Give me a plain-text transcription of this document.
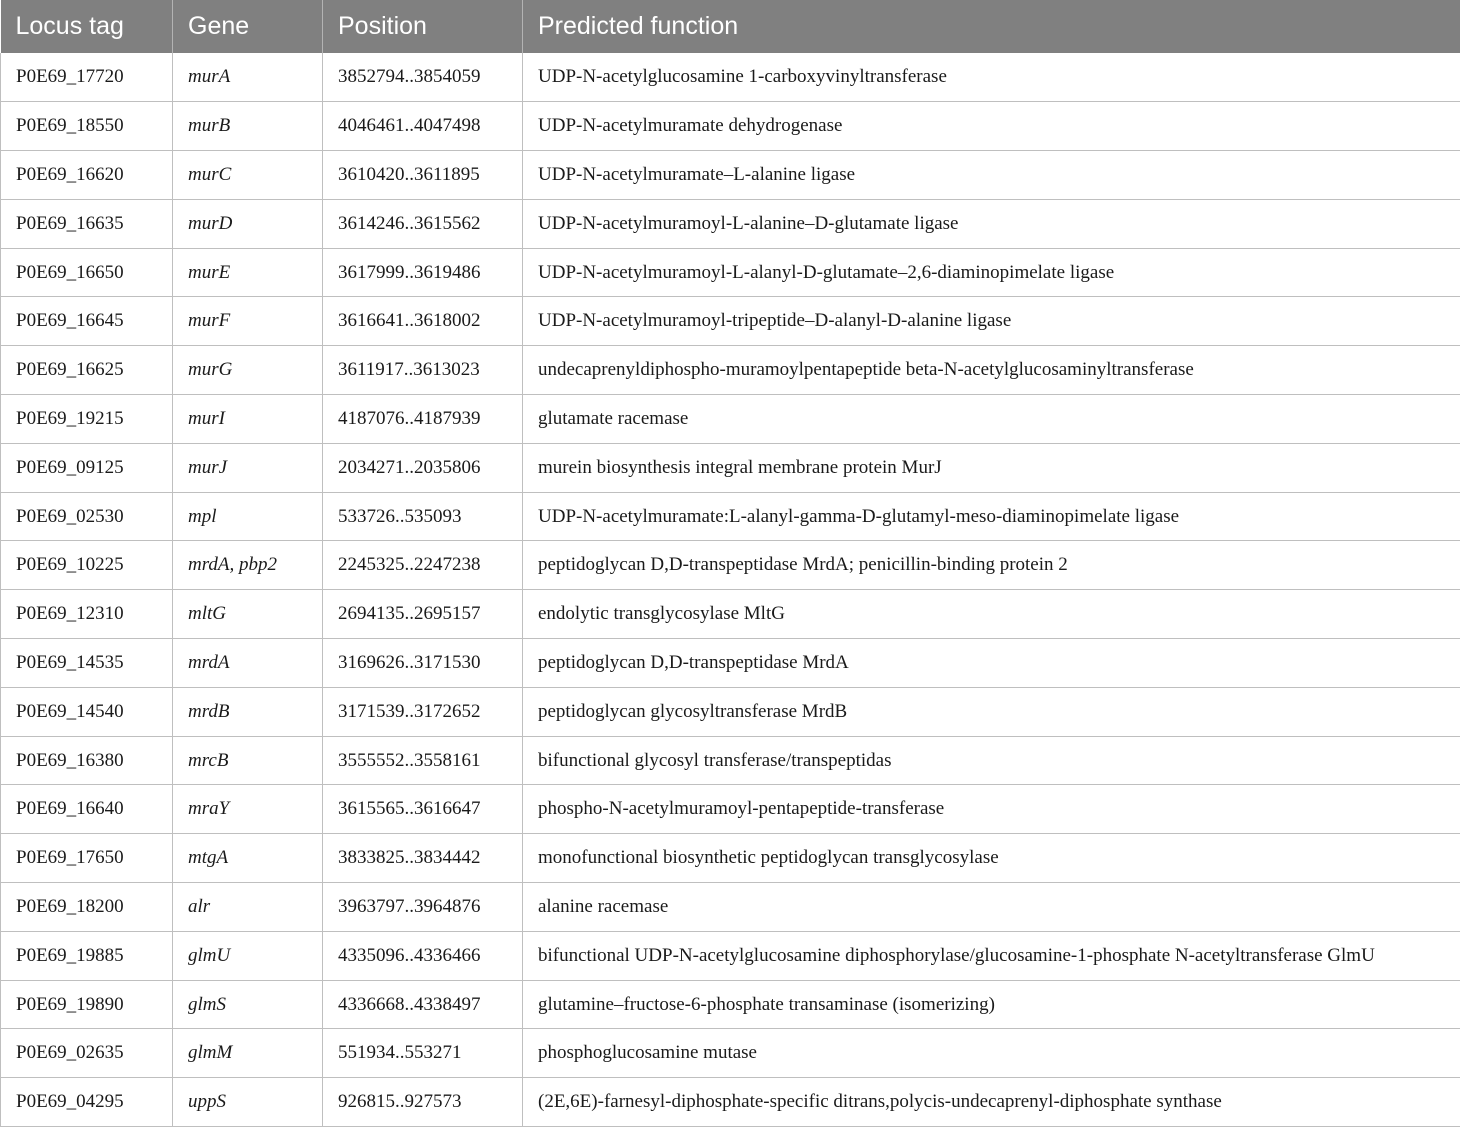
Locus tag	Gene	Position	Predicted function
P0E69_17720	murA	3852794..3854059	UDP-N-acetylglucosamine 1-carboxyvinyltransferase
P0E69_18550	murB	4046461..4047498	UDP-N-acetylmuramate dehydrogenase
P0E69_16620	murC	3610420..3611895	UDP-N-acetylmuramate–L-alanine ligase
P0E69_16635	murD	3614246..3615562	UDP-N-acetylmuramoyl-L-alanine–D-glutamate ligase
P0E69_16650	murE	3617999..3619486	UDP-N-acetylmuramoyl-L-alanyl-D-glutamate–2,6-diaminopimelate ligase
P0E69_16645	murF	3616641..3618002	UDP-N-acetylmuramoyl-tripeptide–D-alanyl-D-alanine ligase
P0E69_16625	murG	3611917..3613023	undecaprenyldiphospho-muramoylpentapeptide beta-N-acetylglucosaminyltransferase
P0E69_19215	murI	4187076..4187939	glutamate racemase
P0E69_09125	murJ	2034271..2035806	murein biosynthesis integral membrane protein MurJ
P0E69_02530	mpl	533726..535093	UDP-N-acetylmuramate:L-alanyl-gamma-D-glutamyl-meso-diaminopimelate ligase
P0E69_10225	mrdA, pbp2	2245325..2247238	peptidoglycan D,D-transpeptidase MrdA; penicillin-binding protein 2
P0E69_12310	mltG	2694135..2695157	endolytic transglycosylase MltG
P0E69_14535	mrdA	3169626..3171530	peptidoglycan D,D-transpeptidase MrdA
P0E69_14540	mrdB	3171539..3172652	peptidoglycan glycosyltransferase MrdB
P0E69_16380	mrcB	3555552..3558161	bifunctional glycosyl transferase/transpeptidas
P0E69_16640	mraY	3615565..3616647	phospho-N-acetylmuramoyl-pentapeptide-transferase
P0E69_17650	mtgA	3833825..3834442	monofunctional biosynthetic peptidoglycan transglycosylase
P0E69_18200	alr	3963797..3964876	alanine racemase
P0E69_19885	glmU	4335096..4336466	bifunctional UDP-N-acetylglucosamine diphosphorylase/glucosamine-1-phosphate N-acetyltransferase GlmU
P0E69_19890	glmS	4336668..4338497	glutamine–fructose-6-phosphate transaminase (isomerizing)
P0E69_02635	glmM	551934..553271	phosphoglucosamine mutase
P0E69_04295	uppS	926815..927573	(2E,6E)-farnesyl-diphosphate-specific ditrans,polycis-undecaprenyl-diphosphate synthase
